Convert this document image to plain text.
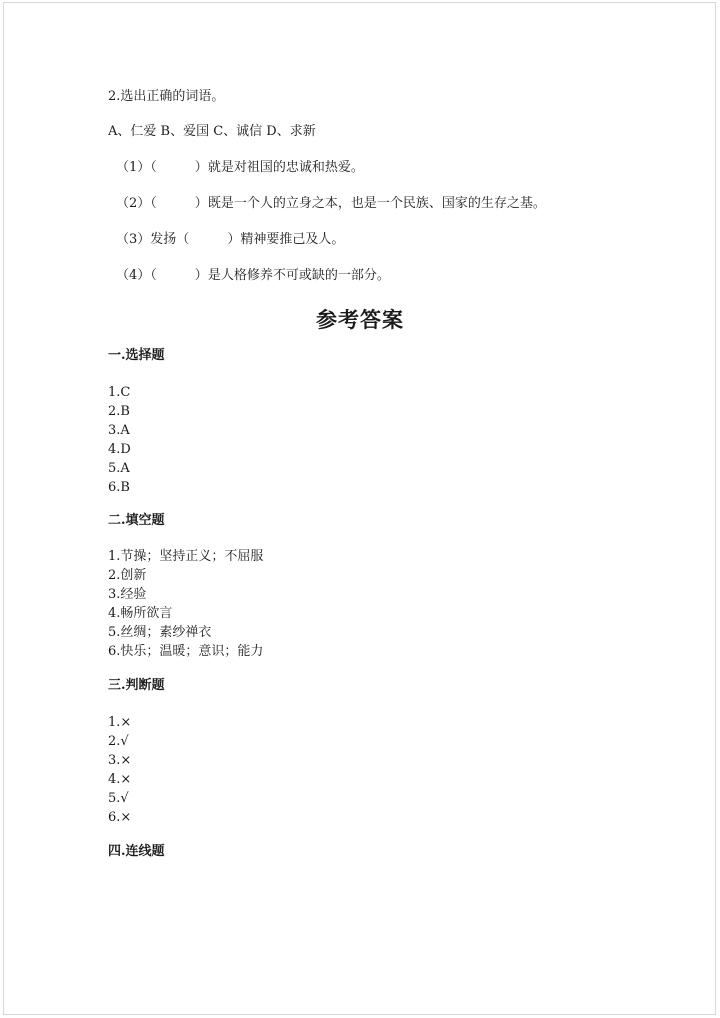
2.选出正确的词语。
A、仁爱 B、爱国 C、诚信 D、求新
（1）（	）就是对祖国的忠诚和热爱。
（2）（	）既是一个人的立身之本，也是一个民族、国家的生存之基。
（3）发扬（	）精神要推己及人。
（4）（	）是人格修养不可或缺的一部分。
参考答案
一.选择题
1.C
2.B
3.A
4.D
5.A
6.B
二.填空题
1.节操；坚持正义；不屈服
2.创新
3.经验
4.畅所欲言
5.丝绸；素纱禅衣
6.快乐；温暖；意识；能力
三.判断题
1.×
2.√
3.×
4.×
5.√
6.×
四.连线题
